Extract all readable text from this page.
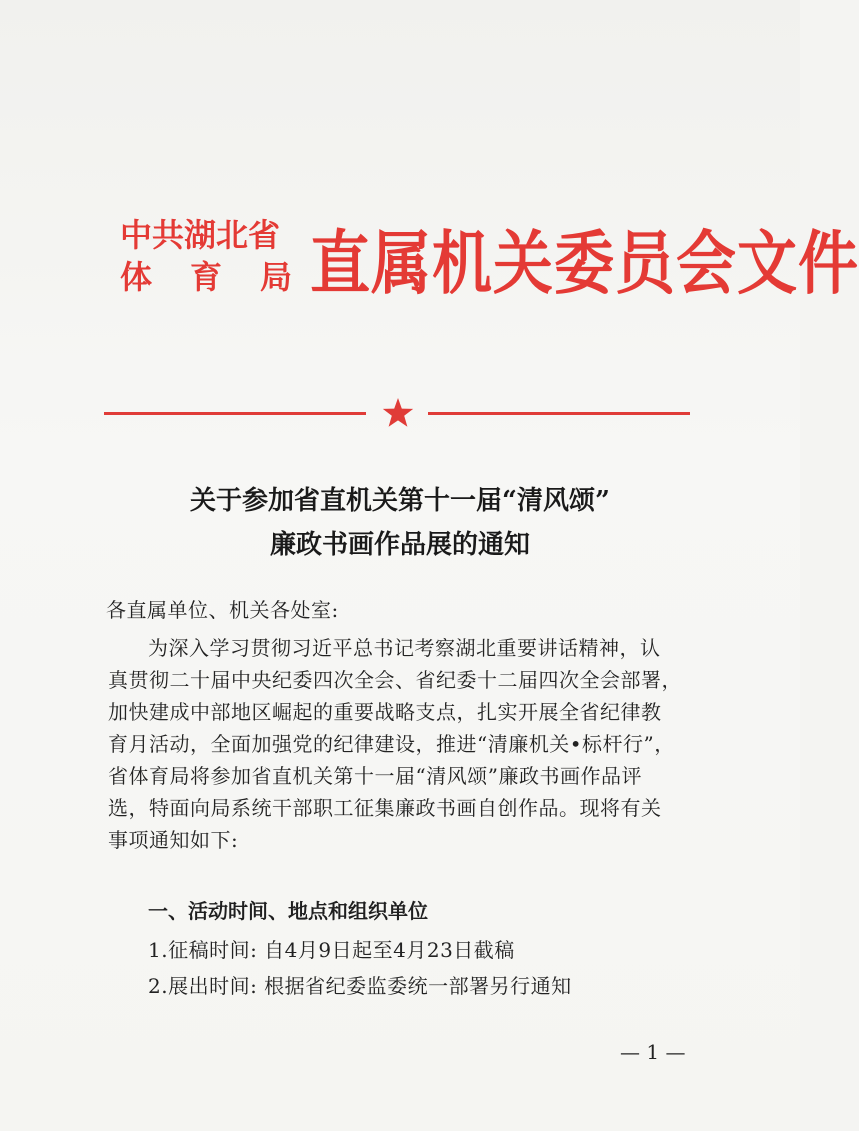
中共湖北省
体 育 局 直属机关委员会文件
关于参加省直机关第十一届“清风颂”
廉政书画作品展的通知
各直属单位、机关各处室:
为深入学习贯彻习近平总书记考察湖北重要讲话精神，认
真贯彻二十届中央纪委四次全会、省纪委十二届四次全会部署，
加快建成中部地区崛起的重要战略支点，扎实开展全省纪律教
育月活动，全面加强党的纪律建设，推进“清廉机关•标杆行”，
省体育局将参加省直机关第十一届“清风颂”廉政书画作品评
选，特面向局系统干部职工征集廉政书画自创作品。现将有关
事项通知如下:
一、活动时间、地点和组织单位
1.征稿时间: 自4月9日起至4月23日截稿
2.展出时间: 根据省纪委监委统一部署另行通知
— 1 —
